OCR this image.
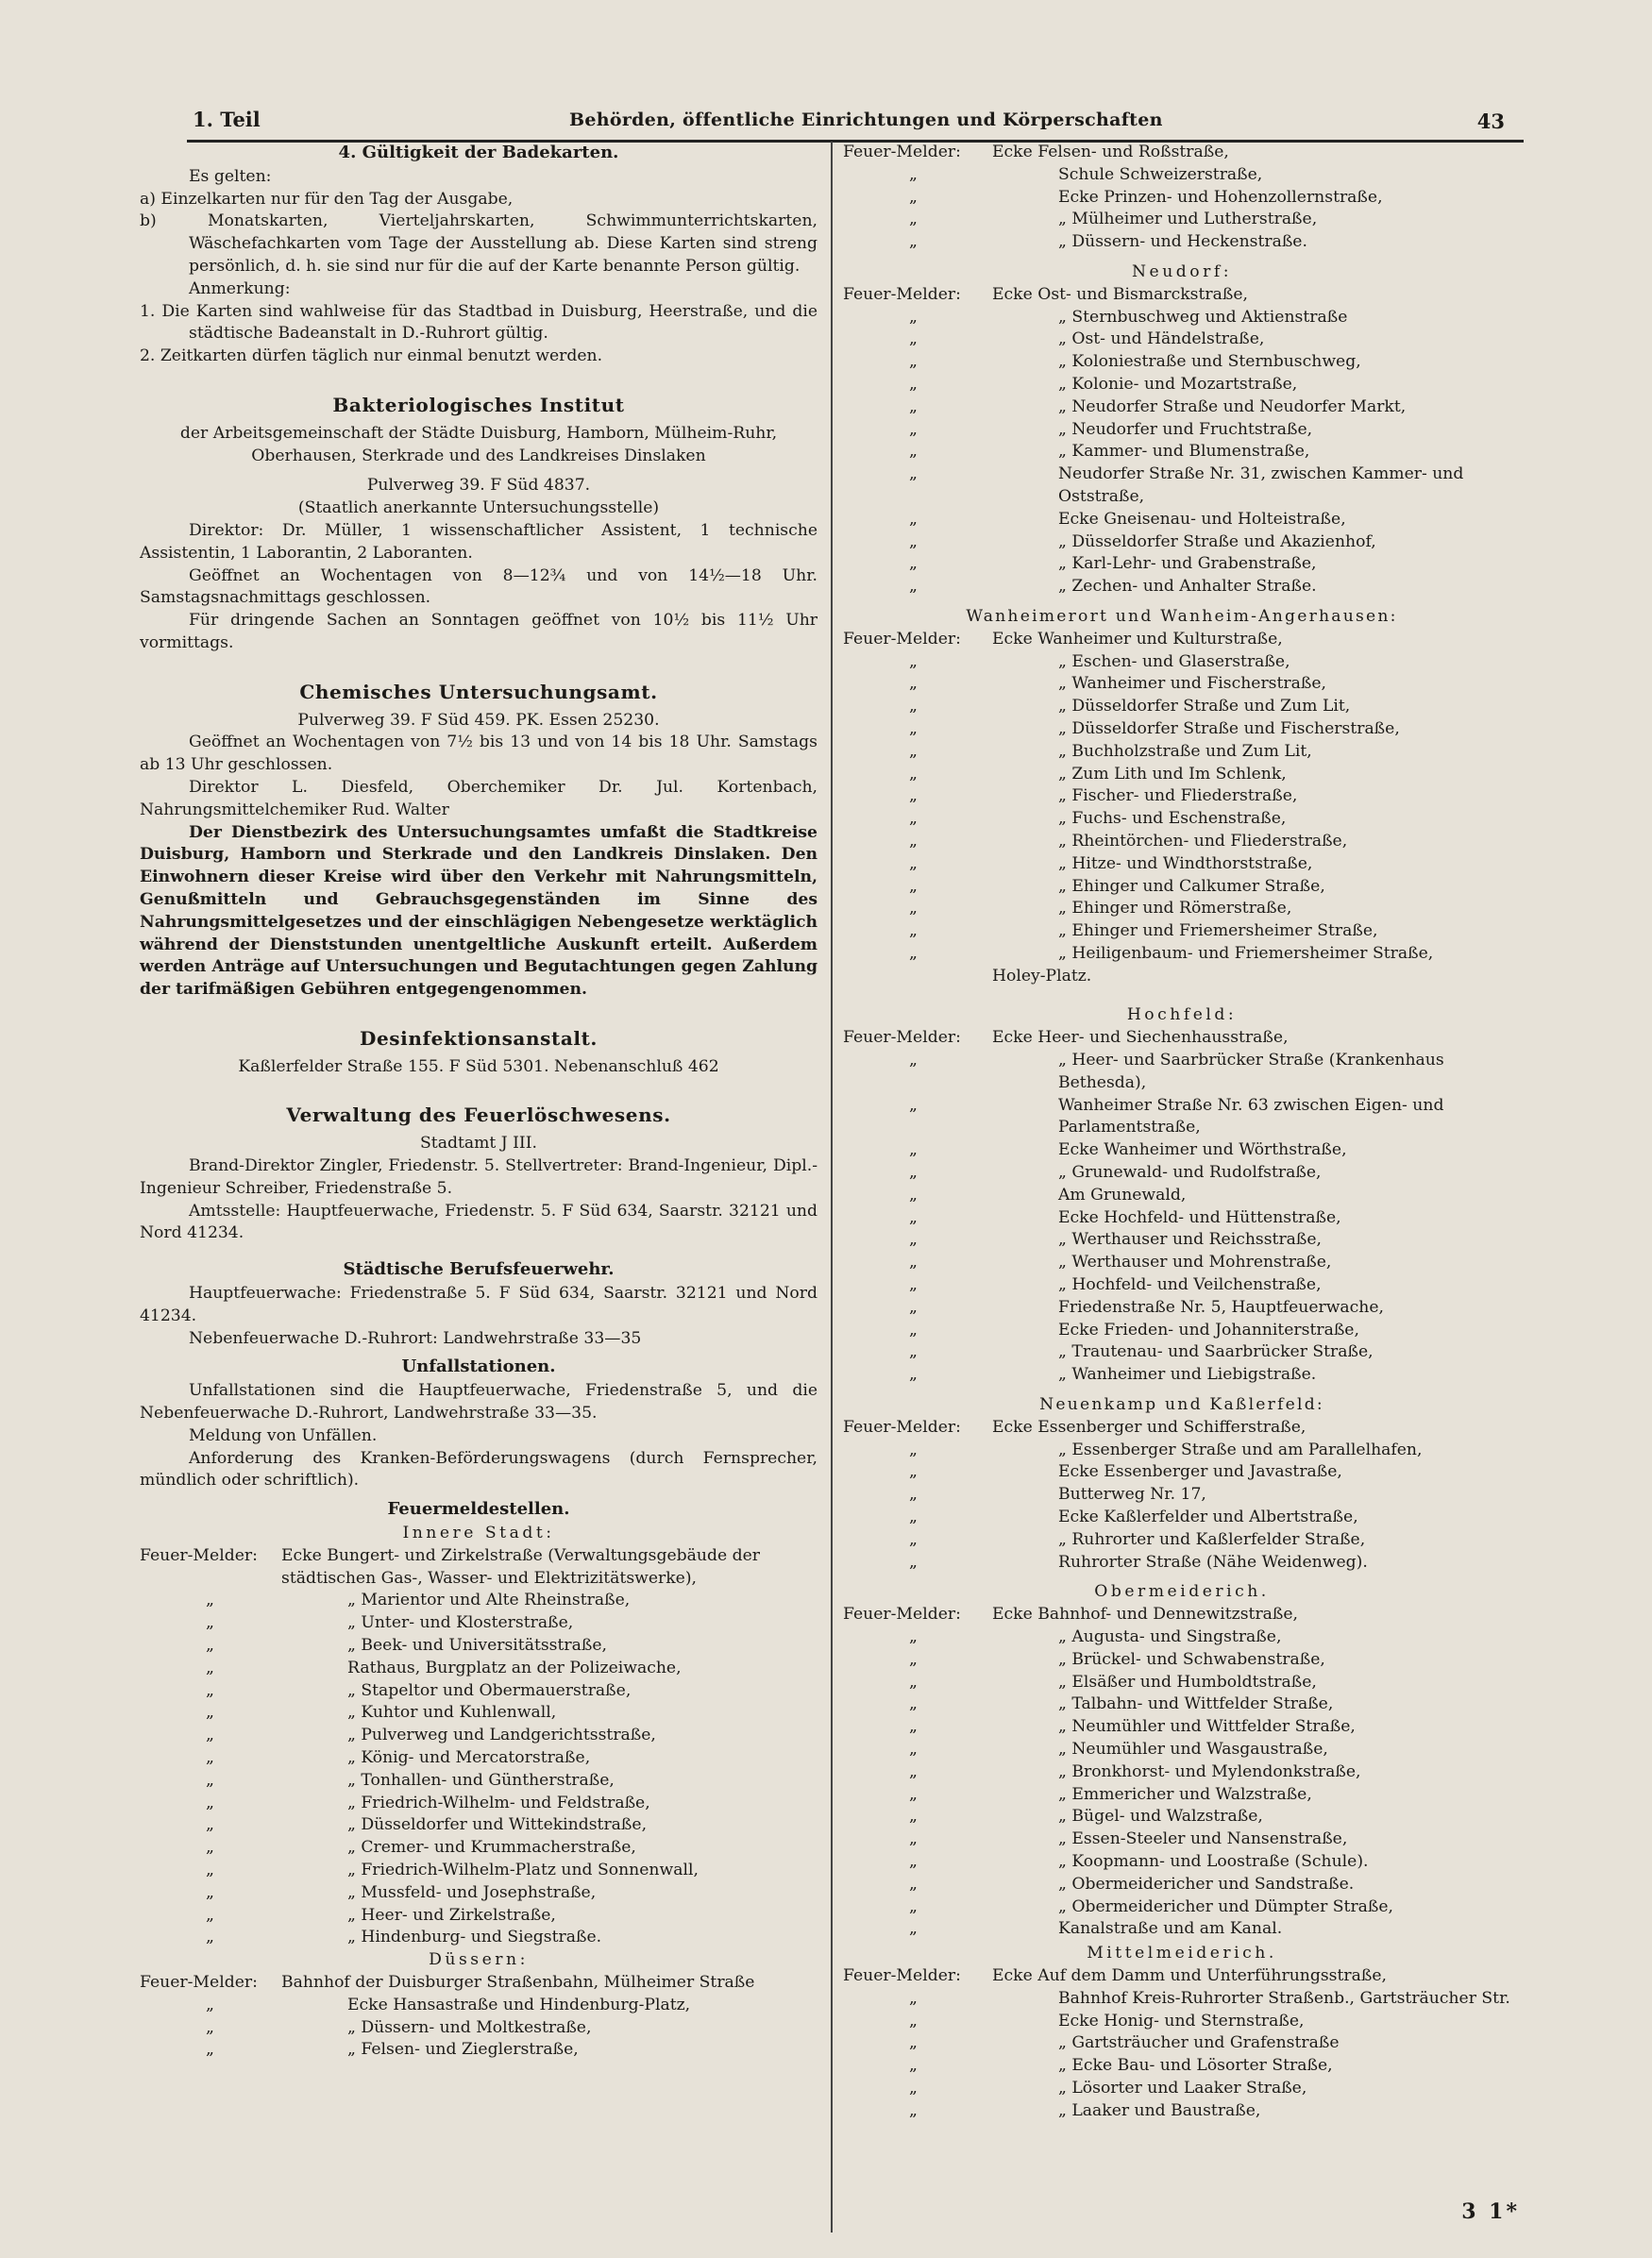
1. Teil	Behörden, öffentliche Einrichtungen und Körperschaften	43

4. Gültigkeit der Badekarten.

Es gelten:

a) Einzelkarten nur für den Tag der Ausgabe,

b) Monatskarten, Vierteljahrskarten, Schwimmunterrichtskarten, Wäschefachkarten vom Tage der Ausstellung ab. Diese Karten sind streng persönlich, d. h. sie sind nur für die auf der Karte benannte Person gültig.

Anmerkung:

1. Die Karten sind wahlweise für das Stadtbad in Duisburg, Heerstraße, und die städtische Badeanstalt in D.-Ruhrort gültig.

2. Zeitkarten dürfen täglich nur einmal benutzt werden.

Bakteriologisches Institut

der Arbeitsgemeinschaft der Städte Duisburg, Hamborn, Mülheim-Ruhr, Oberhausen, Sterkrade und des Landkreises Dinslaken

Pulverweg 39. F Süd 4837.

(Staatlich anerkannte Untersuchungsstelle)

Direktor: Dr. Müller, 1 wissenschaftlicher Assistent, 1 technische Assistentin, 1 Laborantin, 2 Laboranten.

Geöffnet an Wochentagen von 8—12¾ und von 14½—18 Uhr. Samstagsnachmittags geschlossen.

Für dringende Sachen an Sonntagen geöffnet von 10½ bis 11½ Uhr vormittags.

Chemisches Untersuchungsamt.

Pulverweg 39. F Süd 459. PK. Essen 25230.

Geöffnet an Wochentagen von 7½ bis 13 und von 14 bis 18 Uhr. Samstags ab 13 Uhr geschlossen.

Direktor L. Diesfeld, Oberchemiker Dr. Jul. Kortenbach, Nahrungsmittelchemiker Rud. Walter

Der Dienstbezirk des Untersuchungsamtes umfaßt die Stadtkreise Duisburg, Hamborn und Sterkrade und den Landkreis Dinslaken. Den Einwohnern dieser Kreise wird über den Verkehr mit Nahrungsmitteln, Genußmitteln und Gebrauchsgegenständen im Sinne des Nahrungsmittelgesetzes und der einschlägigen Nebengesetze werktäglich während der Dienststunden unentgeltliche Auskunft erteilt. Außerdem werden Anträge auf Untersuchungen und Begutachtungen gegen Zahlung der tarifmäßigen Gebühren entgegengenommen.

Desinfektionsanstalt.

Kaßlerfelder Straße 155. F Süd 5301. Nebenanschluß 462

Verwaltung des Feuerlöschwesens.

Stadtamt J III.

Brand-Direktor Zingler, Friedenstr. 5. Stellvertreter: Brand-Ingenieur, Dipl.-Ingenieur Schreiber, Friedenstraße 5.

Amtsstelle: Hauptfeuerwache, Friedenstr. 5. F Süd 634, Saarstr. 32121 und Nord 41234.

Städtische Berufsfeuerwehr.

Hauptfeuerwache: Friedenstraße 5. F Süd 634, Saarstr. 32121 und Nord 41234.

Nebenfeuerwache D.-Ruhrort: Landwehrstraße 33—35

Unfallstationen.

Unfallstationen sind die Hauptfeuerwache, Friedenstraße 5, und die Nebenfeuerwache D.-Ruhrort, Landwehrstraße 33—35.

Meldung von Unfällen.

Anforderung des Kranken-Beförderungswagens (durch Fernsprecher, mündlich oder schriftlich).

Feuermeldestellen.

Innere Stadt:

Feuer-Melder:	Ecke Bungert- und Zirkelstraße (Verwaltungsgebäude der städtischen Gas-, Wasser- und Elektrizitätswerke),
„	„ Marientor und Alte Rheinstraße,
„	„ Unter- und Klosterstraße,
„	„ Beek- und Universitätsstraße,
„	Rathaus, Burgplatz an der Polizeiwache,
„	„ Stapeltor und Obermauerstraße,
„	„ Kuhtor und Kuhlenwall,
„	„ Pulverweg und Landgerichtsstraße,
„	„ König- und Mercatorstraße,
„	„ Tonhallen- und Güntherstraße,
„	„ Friedrich-Wilhelm- und Feldstraße,
„	„ Düsseldorfer und Wittekindstraße,
„	„ Cremer- und Krummacherstraße,
„	„ Friedrich-Wilhelm-Platz und Sonnenwall,
„	„ Mussfeld- und Josephstraße,
„	„ Heer- und Zirkelstraße,
„	„ Hindenburg- und Siegstraße.

Düssern:

Feuer-Melder:	Bahnhof der Duisburger Straßenbahn, Mülheimer Straße
„	Ecke Hansastraße und Hindenburg-Platz,
„	„ Düssern- und Moltkestraße,
„	„ Felsen- und Zieglerstraße,
Feuer-Melder:	Ecke Felsen- und Roßstraße,
„	Schule Schweizerstraße,
„	Ecke Prinzen- und Hohenzollernstraße,
„	„ Mülheimer und Lutherstraße,
„	„ Düssern- und Heckenstraße.

Neudorf:

Feuer-Melder:	Ecke Ost- und Bismarckstraße,
„	„ Sternbuschweg und Aktienstraße
„	„ Ost- und Händelstraße,
„	„ Koloniestraße und Sternbuschweg,
„	„ Kolonie- und Mozartstraße,
„	„ Neudorfer Straße und Neudorfer Markt,
„	„ Neudorfer und Fruchtstraße,
„	„ Kammer- und Blumenstraße,
„	Neudorfer Straße Nr. 31, zwischen Kammer- und Oststraße,
„	Ecke Gneisenau- und Holteistraße,
„	„ Düsseldorfer Straße und Akazienhof,
„	„ Karl-Lehr- und Grabenstraße,
„	„ Zechen- und Anhalter Straße.

Wanheimerort und Wanheim-Angerhausen:

Feuer-Melder:	Ecke Wanheimer und Kulturstraße,
„	„ Eschen- und Glaserstraße,
„	„ Wanheimer und Fischerstraße,
„	„ Düsseldorfer Straße und Zum Lit,
„	„ Düsseldorfer Straße und Fischerstraße,
„	„ Buchholzstraße und Zum Lit,
„	„ Zum Lith und Im Schlenk,
„	„ Fischer- und Fliederstraße,
„	„ Fuchs- und Eschenstraße,
„	„ Rheintörchen- und Fliederstraße,
„	„ Hitze- und Windthorststraße,
„	„ Ehinger und Calkumer Straße,
„	„ Ehinger und Römerstraße,
„	„ Ehinger und Friemersheimer Straße,
„	„ Heiligenbaum- und Friemersheimer Straße,
Holey-Platz.

Hochfeld:

Feuer-Melder:	Ecke Heer- und Siechenhausstraße,
„	„ Heer- und Saarbrücker Straße (Krankenhaus Bethesda),
„	Wanheimer Straße Nr. 63 zwischen Eigen- und Parlamentstraße,
„	Ecke Wanheimer und Wörthstraße,
„	„ Grunewald- und Rudolfstraße,
„	Am Grunewald,
„	Ecke Hochfeld- und Hüttenstraße,
„	„ Werthauser und Reichsstraße,
„	„ Werthauser und Mohrenstraße,
„	„ Hochfeld- und Veilchenstraße,
„	Friedenstraße Nr. 5, Hauptfeuerwache,
„	Ecke Frieden- und Johanniterstraße,
„	„ Trautenau- und Saarbrücker Straße,
„	„ Wanheimer und Liebigstraße.

Neuenkamp und Kaßlerfeld:

Feuer-Melder:	Ecke Essenberger und Schifferstraße,
„	„ Essenberger Straße und am Parallelhafen,
„	Ecke Essenberger und Javastraße,
„	Butterweg Nr. 17,
„	Ecke Kaßlerfelder und Albertstraße,
„	„ Ruhrorter und Kaßlerfelder Straße,
„	Ruhrorter Straße (Nähe Weidenweg).

Obermeiderich.

Feuer-Melder:	Ecke Bahnhof- und Dennewitzstraße,
„	„ Augusta- und Singstraße,
„	„ Brückel- und Schwabenstraße,
„	„ Elsäßer und Humboldtstraße,
„	„ Talbahn- und Wittfelder Straße,
„	„ Neumühler und Wittfelder Straße,
„	„ Neumühler und Wasgaustraße,
„	„ Bronkhorst- und Mylendonkstraße,
„	„ Emmericher und Walzstraße,
„	„ Bügel- und Walzstraße,
„	„ Essen-Steeler und Nansenstraße,
„	„ Koopmann- und Loostraße (Schule).
„	„ Obermeidericher und Sandstraße.
„	„ Obermeidericher und Dümpter Straße,
„	Kanalstraße und am Kanal.

Mittelmeiderich.

Feuer-Melder:	Ecke Auf dem Damm und Unterführungsstraße,
„	Bahnhof Kreis-Ruhrorter Straßenb., Gartsträucher Str.
„	Ecke Honig- und Sternstraße,
„	„ Gartsträucher und Grafenstraße
„	„ Ecke Bau- und Lösorter Straße,
„	„ Lösorter und Laaker Straße,
„	„ Laaker und Baustraße,
3 1*
